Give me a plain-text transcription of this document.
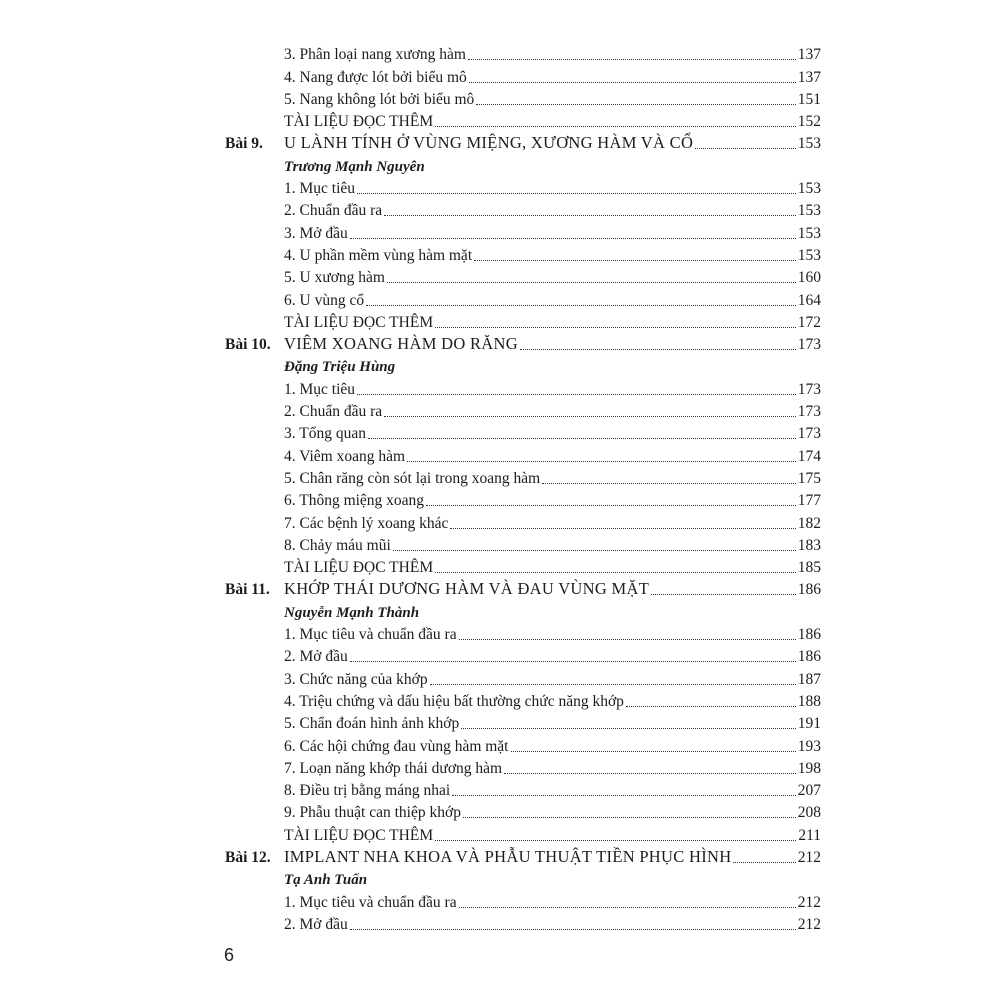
3. Phân loại nang xương hàm	137
4. Nang được lót bởi biểu mô	137
5. Nang không lót bởi biểu mô	151
TÀI LIỆU ĐỌC THÊM	152
Bài 9. U LÀNH TÍNH Ở VÙNG MIỆNG, XƯƠNG HÀM VÀ CỔ	153
Trương Mạnh Nguyên
1. Mục tiêu	153
2. Chuẩn đầu ra	153
3. Mở đầu	153
4. U phần mềm vùng hàm mặt	153
5. U xương hàm	160
6. U vùng cổ	164
TÀI LIỆU ĐỌC THÊM	172
Bài 10. VIÊM XOANG HÀM DO RĂNG	173
Đặng Triệu Hùng
1. Mục tiêu	173
2. Chuẩn đầu ra	173
3. Tổng quan	173
4. Viêm xoang hàm	174
5. Chân răng còn sót lại trong xoang hàm	175
6. Thông miệng xoang	177
7. Các bệnh lý xoang khác	182
8. Chảy máu mũi	183
TÀI LIỆU ĐỌC THÊM	185
Bài 11. KHỚP THÁI DƯƠNG HÀM VÀ ĐAU VÙNG MẶT	186
Nguyễn Mạnh Thành
1. Mục tiêu và chuẩn đầu ra	186
2. Mở đầu	186
3. Chức năng của khớp	187
4. Triệu chứng và dấu hiệu bất thường chức năng khớp	188
5. Chẩn đoán hình ảnh khớp	191
6. Các hội chứng đau vùng hàm mặt	193
7. Loạn năng khớp thái dương hàm	198
8. Điều trị bằng máng nhai	207
9. Phẫu thuật can thiệp khớp	208
TÀI LIỆU ĐỌC THÊM	211
Bài 12. IMPLANT NHA KHOA VÀ PHẪU THUẬT TIỀN PHỤC HÌNH	212
Tạ Anh Tuấn
1. Mục tiêu và chuẩn đầu ra	212
2. Mở đầu	212
6
